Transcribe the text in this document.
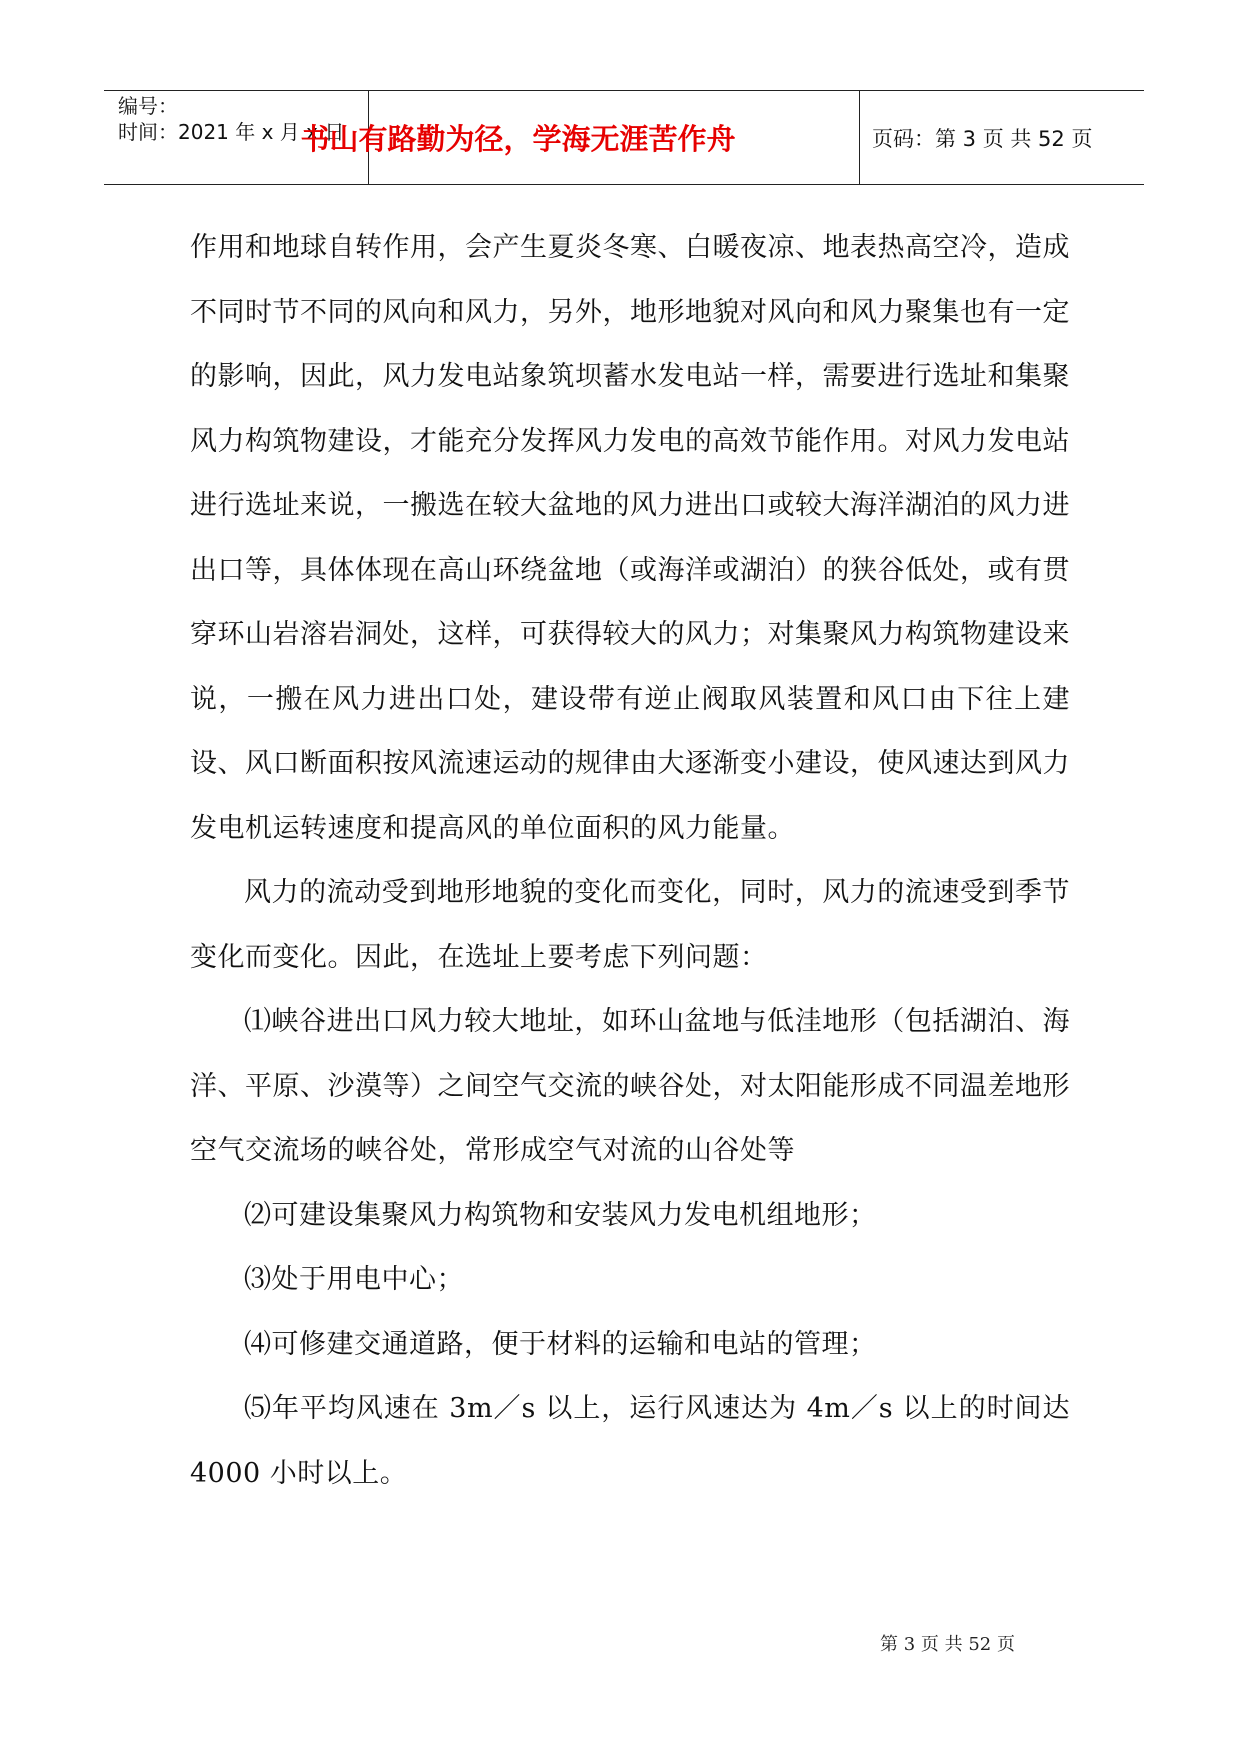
编号：
时间：2021 年 x 月 x 日
书山有路勤为径，学海无涯苦作舟	页码：第 3 页 共 52 页

作用和地球自转作用，会产生夏炎冬寒、白暖夜凉、地表热高空冷，造成不同时节不同的风向和风力，另外，地形地貌对风向和风力聚集也有一定的影响，因此，风力发电站象筑坝蓄水发电站一样，需要进行选址和集聚风力构筑物建设，才能充分发挥风力发电的高效节能作用。对风力发电站进行选址来说，一搬选在较大盆地的风力进出口或较大海洋湖泊的风力进出口等，具体体现在高山环绕盆地（或海洋或湖泊）的狭谷低处，或有贯穿环山岩溶岩洞处，这样，可获得较大的风力；对集聚风力构筑物建设来说，一搬在风力进出口处，建设带有逆止阀取风装置和风口由下往上建设、风口断面积按风流速运动的规律由大逐渐变小建设，使风速达到风力发电机运转速度和提高风的单位面积的风力能量。

风力的流动受到地形地貌的变化而变化，同时，风力的流速受到季节变化而变化。因此，在选址上要考虑下列问题：

⑴峡谷进出口风力较大地址，如环山盆地与低洼地形（包括湖泊、海洋、平原、沙漠等）之间空气交流的峡谷处，对太阳能形成不同温差地形空气交流场的峡谷处，常形成空气对流的山谷处等

⑵可建设集聚风力构筑物和安装风力发电机组地形；

⑶处于用电中心；

⑷可修建交通道路，便于材料的运输和电站的管理；

⑸年平均风速在 3m／s 以上，运行风速达为 4m／s 以上的时间达 4000 小时以上。

第 3 页 共 52 页
